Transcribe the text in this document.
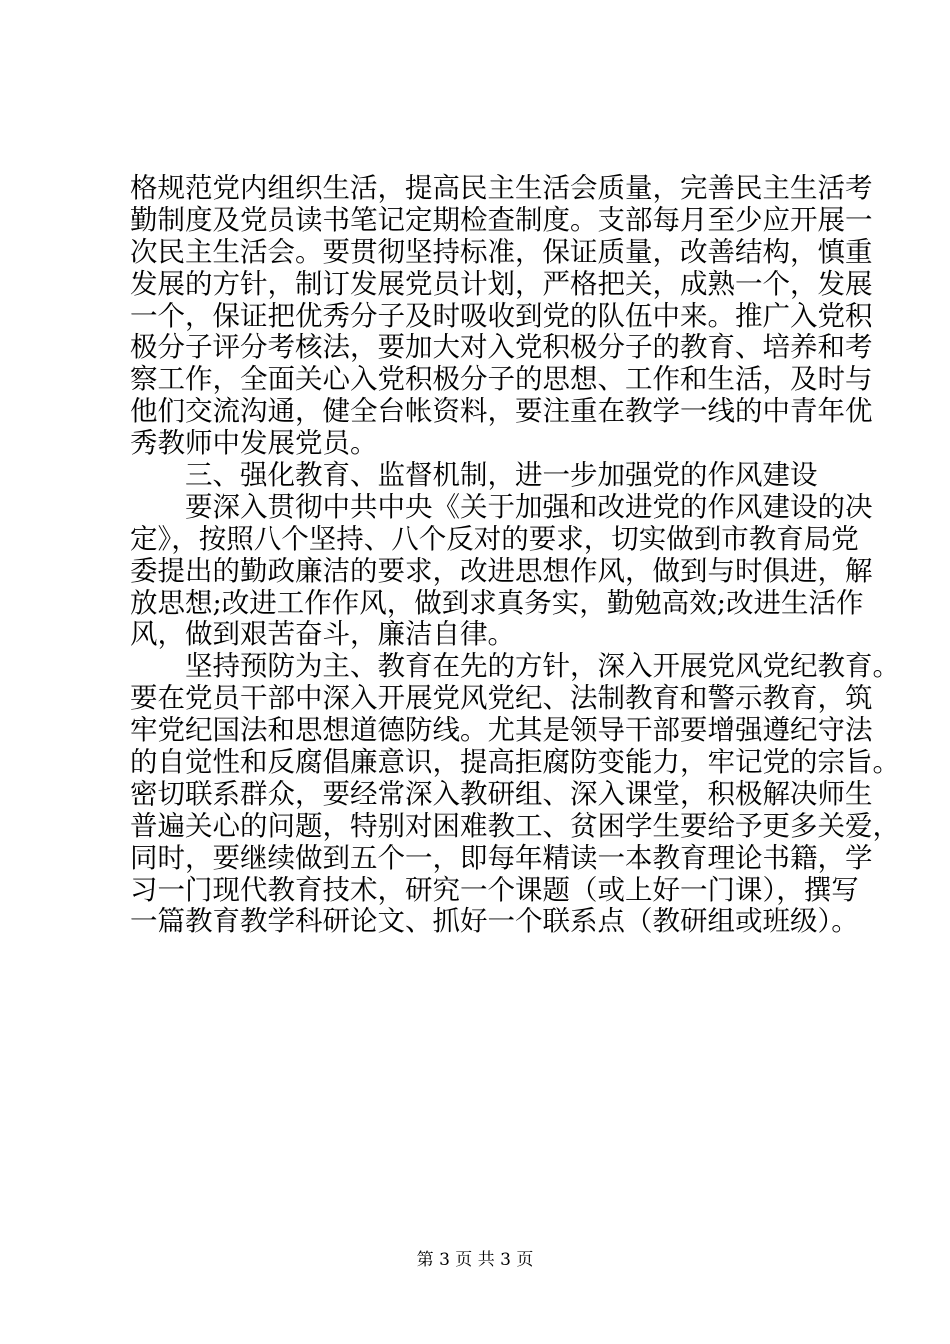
格规范党内组织生活，提高民主生活会质量，完善民主生活考
勤制度及党员读书笔记定期检查制度。支部每月至少应开展一
次民主生活会。要贯彻坚持标准，保证质量，改善结构，慎重
发展的方针，制订发展党员计划，严格把关，成熟一个，发展
一个，保证把优秀分子及时吸收到党的队伍中来。推广入党积
极分子评分考核法，要加大对入党积极分子的教育、培养和考
察工作，全面关心入党积极分子的思想、工作和生活，及时与
他们交流沟通，健全台帐资料，要注重在教学一线的中青年优
秀教师中发展党员。
　　三、强化教育、监督机制，进一步加强党的作风建设
　　要深入贯彻中共中央《关于加强和改进党的作风建设的决
定》，按照八个坚持、八个反对的要求，切实做到市教育局党
委提出的勤政廉洁的要求，改进思想作风，做到与时俱进，解
放思想;改进工作作风，做到求真务实，勤勉高效;改进生活作
风，做到艰苦奋斗，廉洁自律。
　　坚持预防为主、教育在先的方针，深入开展党风党纪教育。
要在党员干部中深入开展党风党纪、法制教育和警示教育，筑
牢党纪国法和思想道德防线。尤其是领导干部要增强遵纪守法
的自觉性和反腐倡廉意识，提高拒腐防变能力，牢记党的宗旨。
密切联系群众，要经常深入教研组、深入课堂，积极解决师生
普遍关心的问题，特别对困难教工、贫困学生要给予更多关爱，
同时，要继续做到五个一，即每年精读一本教育理论书籍，学
习一门现代教育技术，研究一个课题（或上好一门课），撰写
一篇教育教学科研论文、抓好一个联系点（教研组或班级）。
第 3 页 共 3 页
